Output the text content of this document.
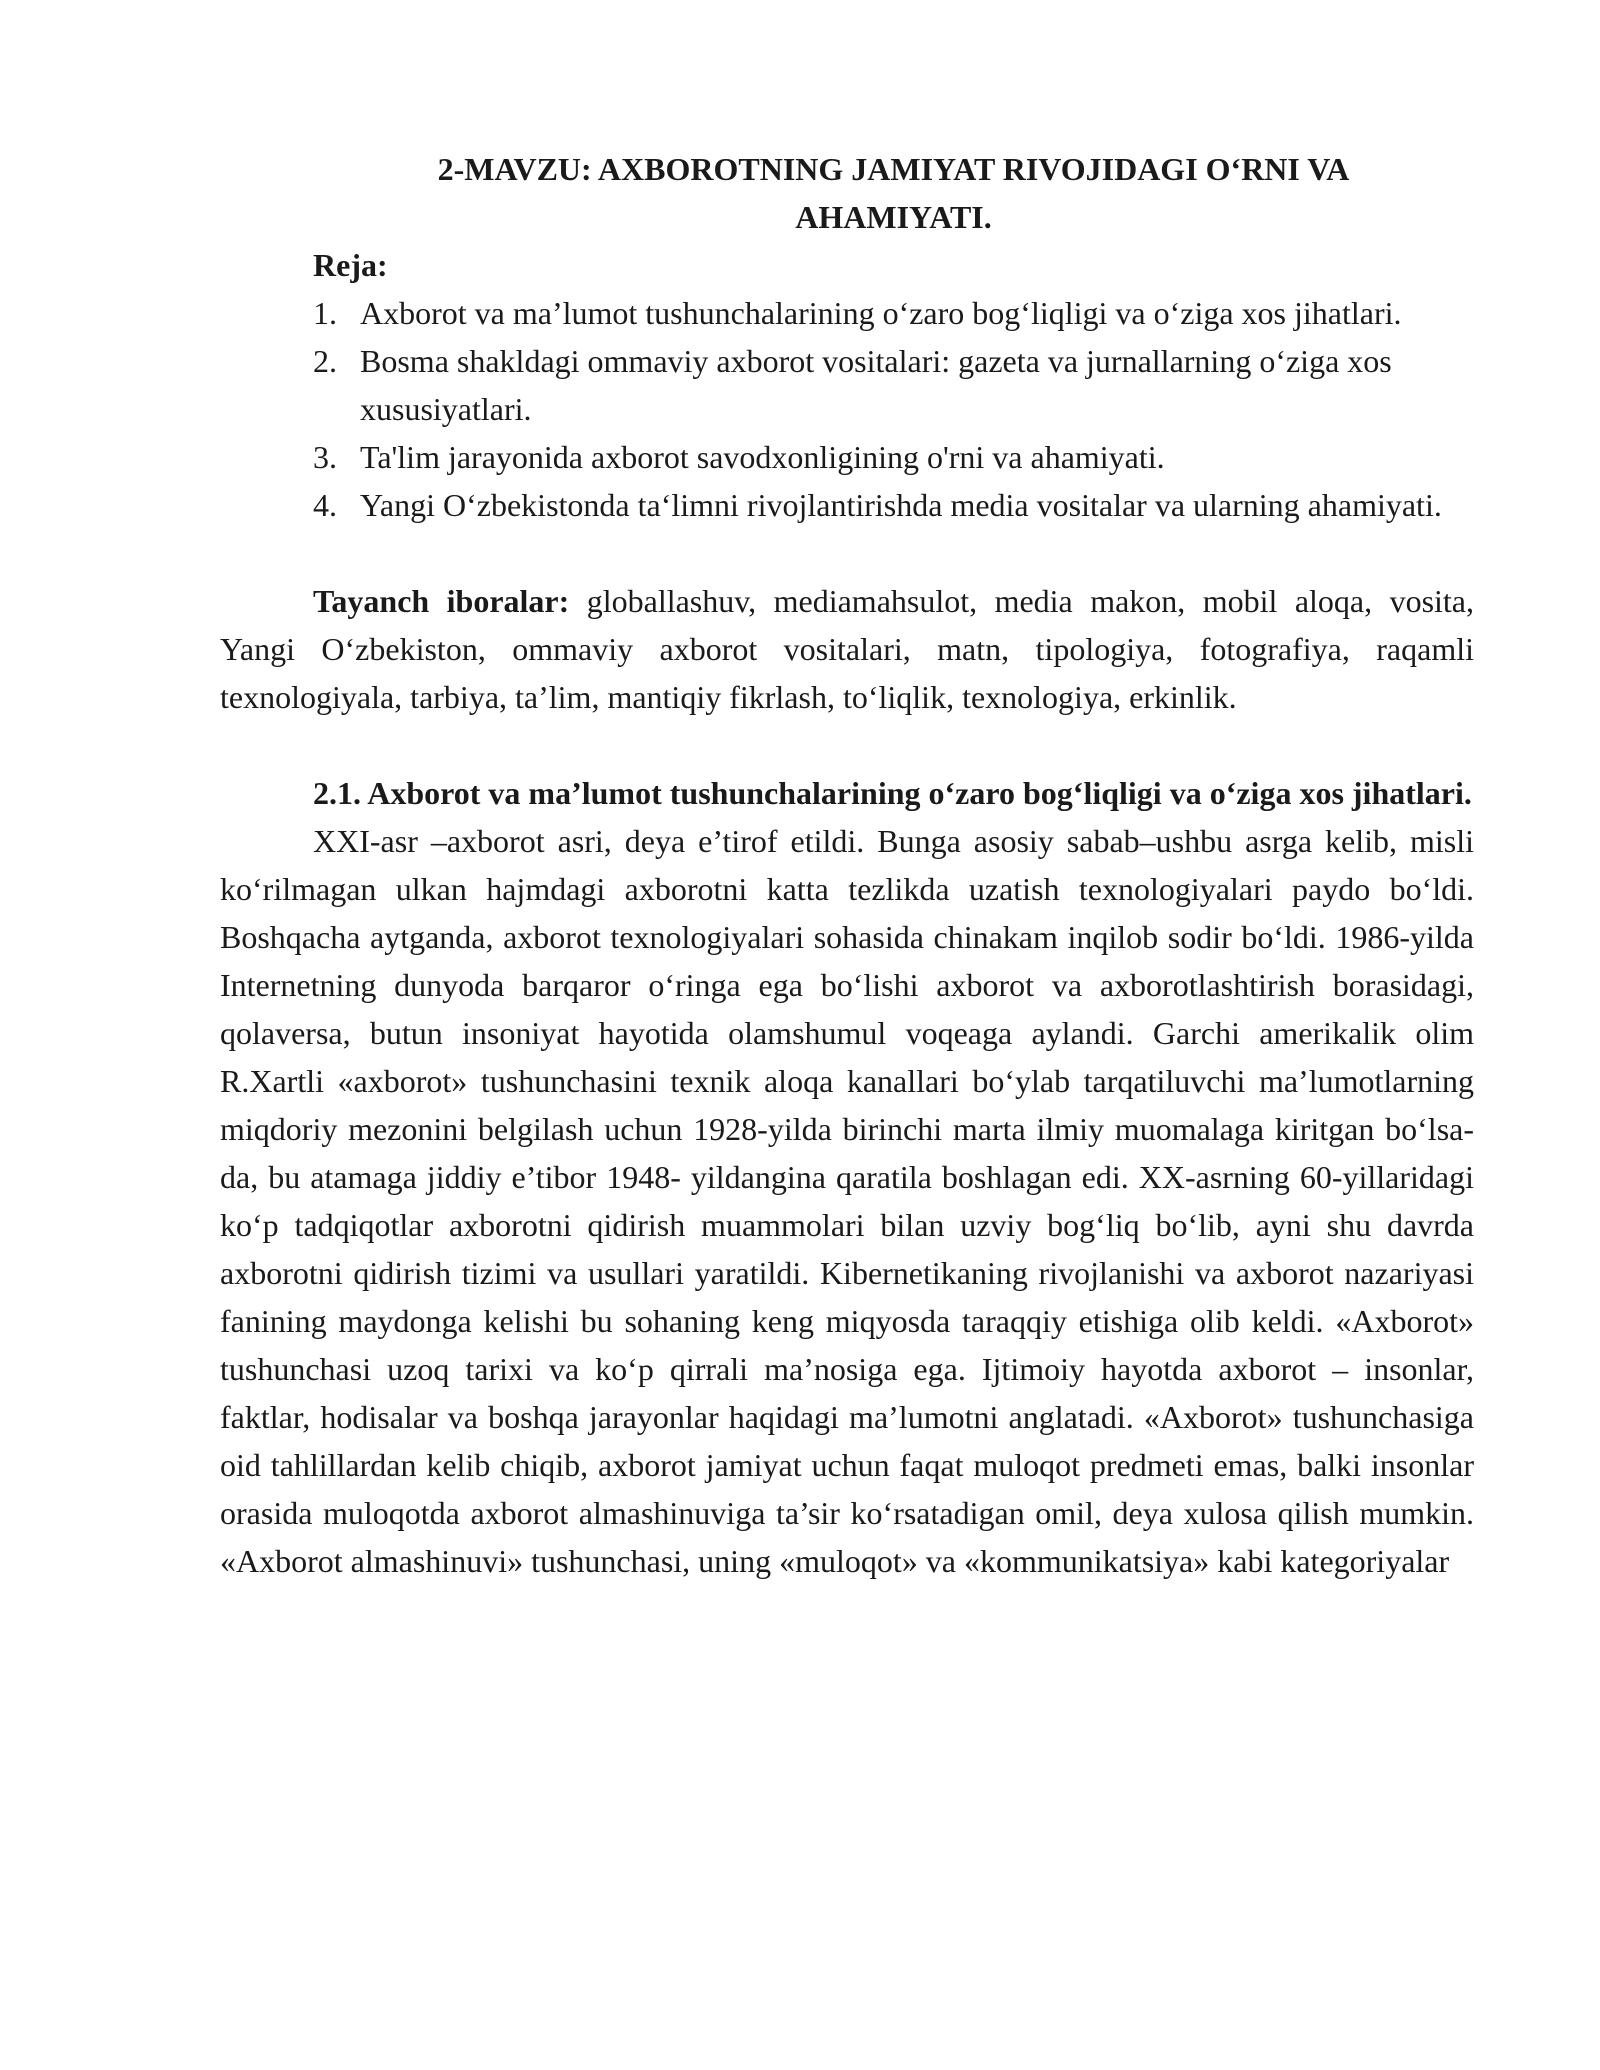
2-MAVZU: AXBOROTNING JAMIYAT RIVOJIDAGI O‘RNI VA
AHAMIYATI.
Reja:
1. Axborot va ma’lumot tushunchalarining o‘zaro bog‘liqligi va o‘ziga xos jihatlari.
2. Bosma shakldagi ommaviy axborot vositalari: gazeta va jurnallarning o‘ziga xos xususiyatlari.
3. Ta'lim jarayonida axborot savodxonligining o'rni va ahamiyati.
4. Yangi O‘zbekistonda ta‘limni rivojlantirishda media vositalar va ularning ahamiyati.

Tayanch iboralar: globallashuv, mediamahsulot, media makon, mobil aloqa, vosita, Yangi O‘zbekiston, ommaviy axborot vositalari, matn, tipologiya, fotografiya, raqamli texnologiyala, tarbiya, ta’lim, mantiqiy fikrlash, to‘liqlik, texnologiya, erkinlik.

2.1. Axborot va ma’lumot tushunchalarining o‘zaro bog‘liqligi va o‘ziga xos jihatlari.

XXI-asr –axborot asri, deya e’tirof etildi. Bunga asosiy sabab–ushbu asrga kelib, misli ko‘rilmagan ulkan hajmdagi axborotni katta tezlikda uzatish texnologiyalari paydo bo‘ldi. Boshqacha aytganda, axborot texnologiyalari sohasida chinakam inqilob sodir bo‘ldi. 1986-yilda Internetning dunyoda barqaror o‘ringa ega bo‘lishi axborot va axborotlashtirish borasidagi, qolaversa, butun insoniyat hayotida olamshumul voqeaga aylandi. Garchi amerikalik olim R.Xartli «axborot» tushunchasini texnik aloqa kanallari bo‘ylab tarqatiluvchi ma’lumotlarning miqdoriy mezonini belgilash uchun 1928-yilda birinchi marta ilmiy muomalaga kiritgan bo‘lsa-da, bu atamaga jiddiy e’tibor 1948- yildangina qaratila boshlagan edi. XX-asrning 60-yillaridagi ko‘p tadqiqotlar axborotni qidirish muammolari bilan uzviy bog‘liq bo‘lib, ayni shu davrda axborotni qidirish tizimi va usullari yaratildi. Kibernetikaning rivojlanishi va axborot nazariyasi fanining maydonga kelishi bu sohaning keng miqyosda taraqqiy etishiga olib keldi. «Axborot» tushunchasi uzoq tarixi va ko‘p qirrali ma’nosiga ega. Ijtimoiy hayotda axborot – insonlar, faktlar, hodisalar va boshqa jarayonlar haqidagi ma’lumotni anglatadi. «Axborot» tushunchasiga oid tahlillardan kelib chiqib, axborot jamiyat uchun faqat muloqot predmeti emas, balki insonlar orasida muloqotda axborot almashinuviga ta’sir ko‘rsatadigan omil, deya xulosa qilish mumkin. «Axborot almashinuvi» tushunchasi, uning «muloqot» va «kommunikatsiya» kabi kategoriyalar
